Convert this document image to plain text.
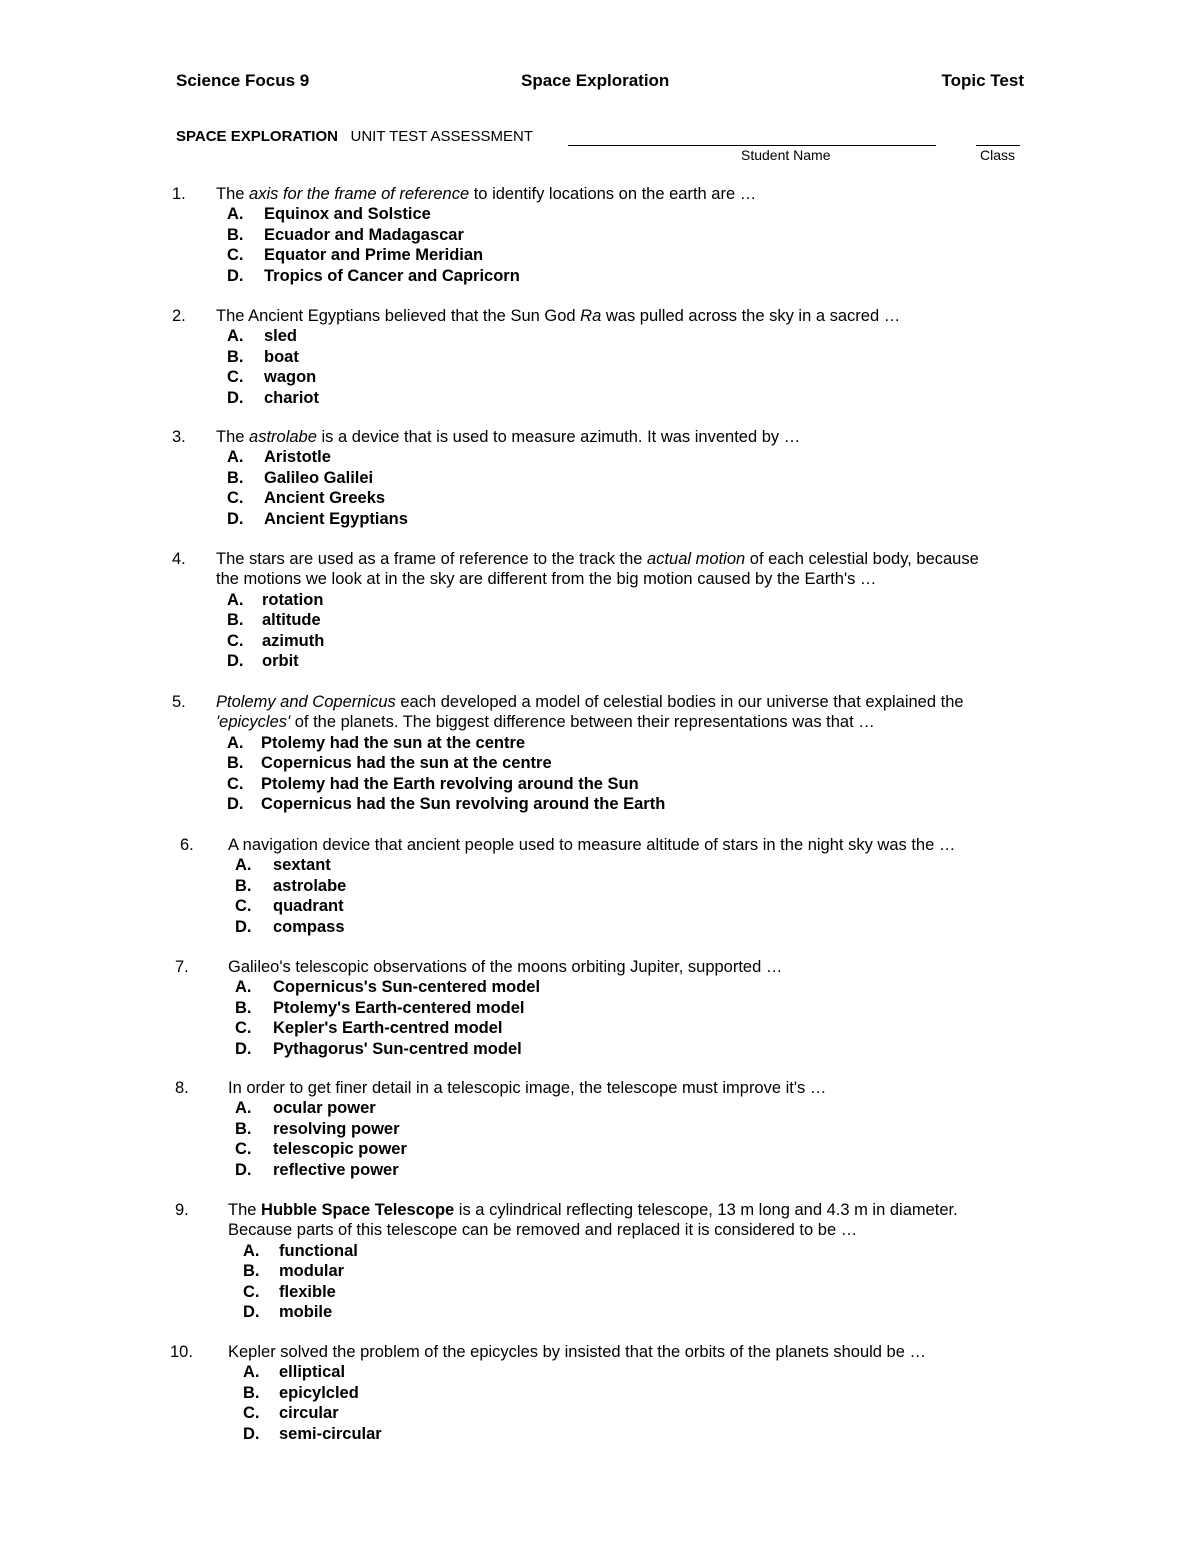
Science Focus 9	Space Exploration	Topic Test
SPACE EXPLORATION UNIT TEST ASSESSMENT
Student Name	Class
1. The axis for the frame of reference to identify locations on the earth are …
A. Equinox and Solstice
B. Ecuador and Madagascar
C. Equator and Prime Meridian
D. Tropics of Cancer and Capricorn
2. The Ancient Egyptians believed that the Sun God Ra was pulled across the sky in a sacred …
A. sled
B. boat
C. wagon
D. chariot
3. The astrolabe is a device that is used to measure azimuth. It was invented by …
A. Aristotle
B. Galileo Galilei
C. Ancient Greeks
D. Ancient Egyptians
4. The stars are used as a frame of reference to the track the actual motion of each celestial body, because
the motions we look at in the sky are different from the big motion caused by the Earth's …
A. rotation
B. altitude
C. azimuth
D. orbit
5. Ptolemy and Copernicus each developed a model of celestial bodies in our universe that explained the
'epicycles' of the planets. The biggest difference between their representations was that …
A. Ptolemy had the sun at the centre
B. Copernicus had the sun at the centre
C. Ptolemy had the Earth revolving around the Sun
D. Copernicus had the Sun revolving around the Earth
6. A navigation device that ancient people used to measure altitude of stars in the night sky was the …
A. sextant
B. astrolabe
C. quadrant
D. compass
7. Galileo's telescopic observations of the moons orbiting Jupiter, supported …
A. Copernicus's Sun-centered model
B. Ptolemy's Earth-centered model
C. Kepler's Earth-centred model
D. Pythagorus' Sun-centred model
8. In order to get finer detail in a telescopic image, the telescope must improve it's …
A. ocular power
B. resolving power
C. telescopic power
D. reflective power
9. The Hubble Space Telescope is a cylindrical reflecting telescope, 13 m long and 4.3 m in diameter.
Because parts of this telescope can be removed and replaced it is considered to be …
A. functional
B. modular
C. flexible
D. mobile
10. Kepler solved the problem of the epicycles by insisted that the orbits of the planets should be …
A. elliptical
B. epicylcled
C. circular
D. semi-circular
